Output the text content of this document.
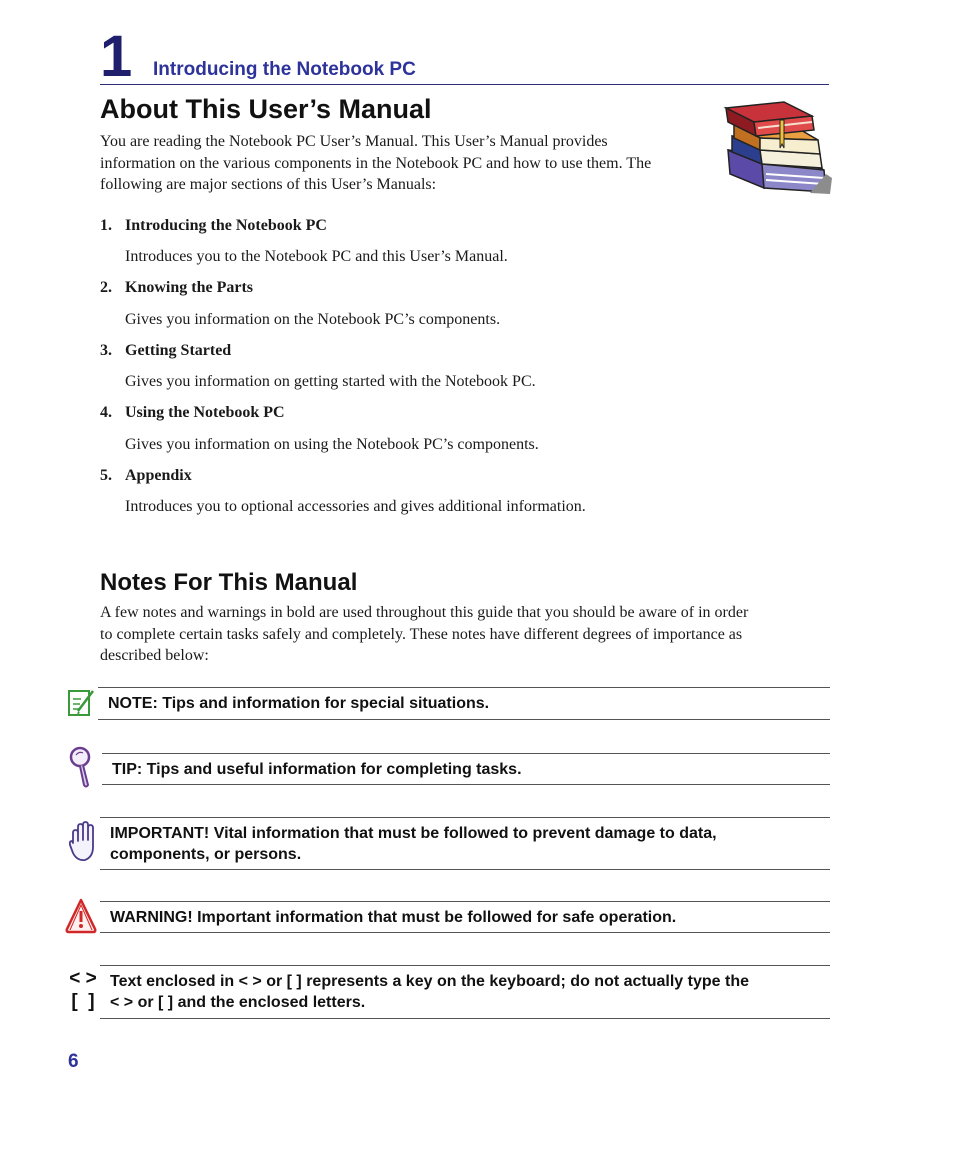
1 Introducing the Notebook PC
About This User’s Manual
You are reading the Notebook PC User’s Manual. This User’s Manual provides
information on the various components in the Notebook PC and how to use them. The
following are major sections of this User’s Manuals:
1. Introducing the Notebook PC
Introduces you to the Notebook PC and this User’s Manual.
2. Knowing the Parts
Gives you information on the Notebook PC’s components.
3. Getting Started
Gives you information on getting started with the Notebook PC.
4. Using the Notebook PC
Gives you information on using the Notebook PC’s components.
5. Appendix
Introduces you to optional accessories and gives additional information.
Notes For This Manual
A few notes and warnings in bold are used throughout this guide that you should be aware of in order
to complete certain tasks safely and completely. These notes have different degrees of importance as
described below:
NOTE: Tips and information for special situations.
TIP: Tips and useful information for completing tasks.
IMPORTANT! Vital information that must be followed to prevent damage to data,
components, or persons.
WARNING! Important information that must be followed for safe operation.
< >
[  ]
Text enclosed in < > or [ ] represents a key on the keyboard; do not actually type the
< > or [ ] and the enclosed letters.
6
